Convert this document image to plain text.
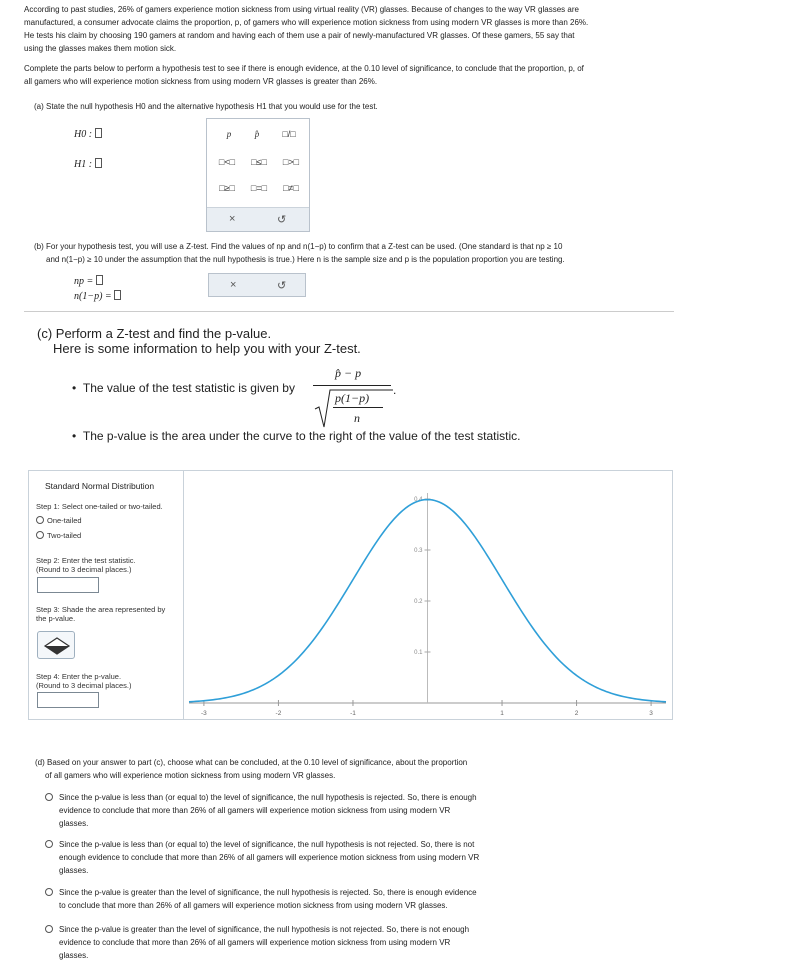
According to past studies, 26% of gamers experience motion sickness from using virtual reality (VR) glasses. Because of changes to the way VR glasses are
manufactured, a consumer advocate claims the proportion, p, of gamers who will experience motion sickness from using modern VR glasses is more than 26%.
He tests his claim by choosing 190 gamers at random and having each of them use a pair of newly-manufactured VR glasses. Of these gamers, 55 say that
using the glasses makes them motion sick.
Complete the parts below to perform a hypothesis test to see if there is enough evidence, at the 0.10 level of significance, to conclude that the proportion, p, of
all gamers who will experience motion sickness from using modern VR glasses is greater than 26%.
(a) State the null hypothesis H0 and the alternative hypothesis H1 that you would use for the test.
H0 :
H1 :
p	p̂	□/□
□<□	□≤□	□>□
□≥□	□=□	□≠□
×	↺
(b) For your hypothesis test, you will use a Z-test. Find the values of np and n(1−p) to confirm that a Z-test can be used. (One standard is that np ≥ 10
and n(1−p) ≥ 10 under the assumption that the null hypothesis is true.) Here n is the sample size and p is the population proportion you are testing.
np =
n(1−p) =
×	↺
(c) Perform a Z-test and find the p-value.
Here is some information to help you with your Z-test.
•  The value of the test statistic is given by
p̂ − p
p(1−p)
n
.
•  The p-value is the area under the curve to the right of the value of the test statistic.
Standard Normal Distribution
Step 1: Select one-tailed or two-tailed.
One-tailed
Two-tailed
Step 2: Enter the test statistic.
(Round to 3 decimal places.)
Step 3: Shade the area represented by
the p-value.
Step 4: Enter the p-value.
(Round to 3 decimal places.)
-3	-2	-1	1	2	3
0.4
0.3
0.2
0.1
(d) Based on your answer to part (c), choose what can be concluded, at the 0.10 level of significance, about the proportion
of all gamers who will experience motion sickness from using modern VR glasses.
Since the p-value is less than (or equal to) the level of significance, the null hypothesis is rejected. So, there is enough
evidence to conclude that more than 26% of all gamers will experience motion sickness from using modern VR
glasses.
Since the p-value is less than (or equal to) the level of significance, the null hypothesis is not rejected. So, there is not
enough evidence to conclude that more than 26% of all gamers will experience motion sickness from using modern VR
glasses.
Since the p-value is greater than the level of significance, the null hypothesis is rejected. So, there is enough evidence
to conclude that more than 26% of all gamers will experience motion sickness from using modern VR glasses.
Since the p-value is greater than the level of significance, the null hypothesis is not rejected. So, there is not enough
evidence to conclude that more than 26% of all gamers will experience motion sickness from using modern VR
glasses.
